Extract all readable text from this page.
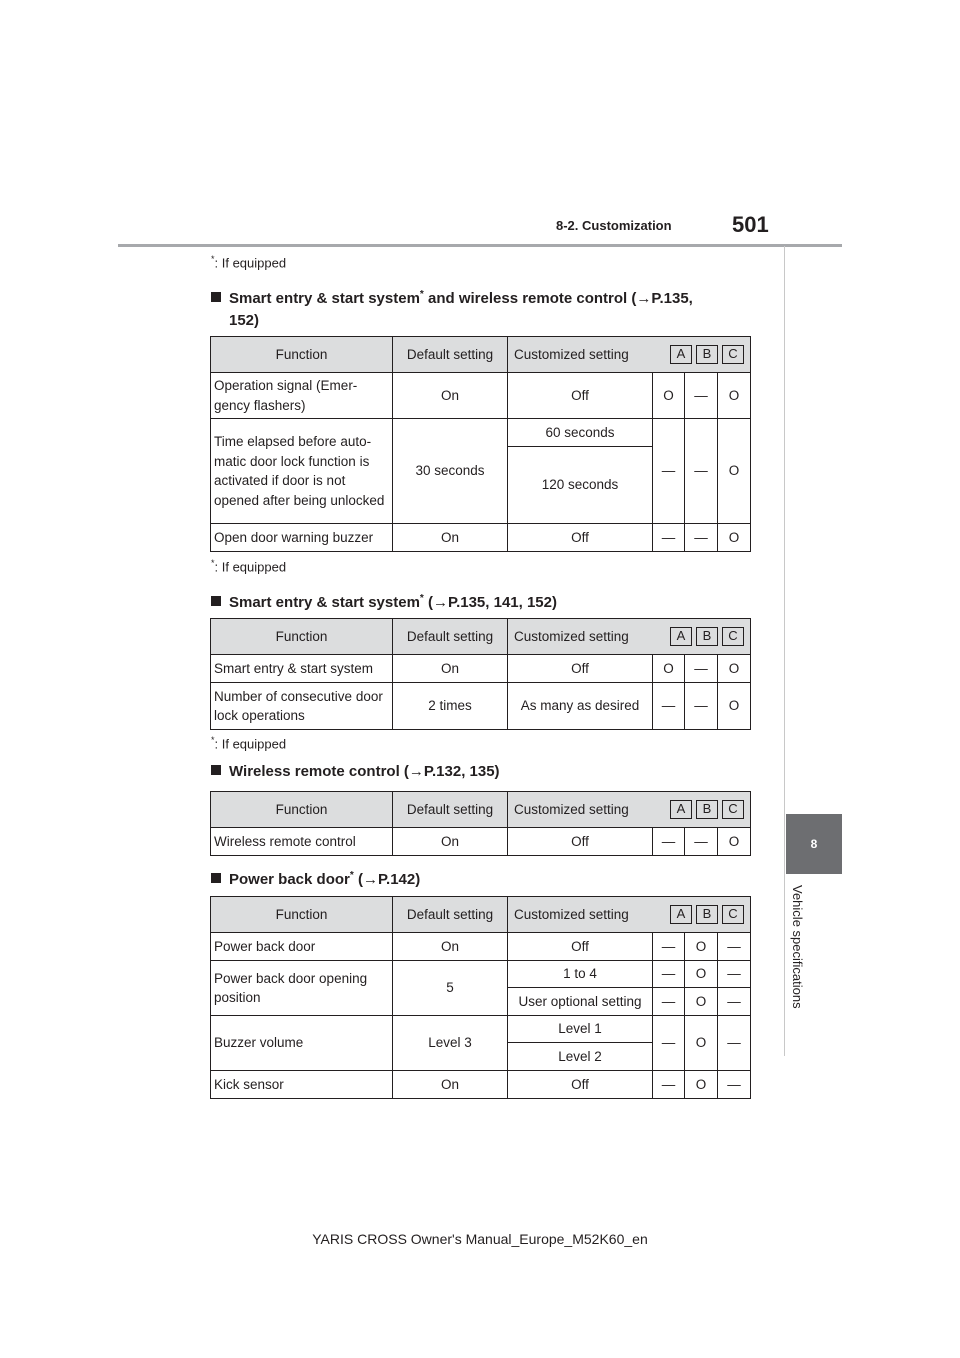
8-2. Customization	501
8
Vehicle specifications
*: If equipped
Smart entry & start system* and wireless remote control (→P.135,
152)
Function	Default setting	Customized setting A B C			

Operation signal (Emer-gency flashers)	On	Off	O	—	O
Time elapsed before auto-matic door lock function is activated if door is not opened after being unlocked	30 seconds	60 seconds	—	—	O
		120 seconds			
Open door warning buzzer	On	Off	—	—	O
*: If equipped
Smart entry & start system* (→P.135, 141, 152)
Function	Default setting	Customized setting A B C			

Smart entry & start system	On	Off	O	—	O
Number of consecutive door lock operations	2 times	As many as desired	—	—	O
*: If equipped
Wireless remote control (→P.132, 135)
Function	Default setting	Customized setting A B C			

Wireless remote control	On	Off	—	—	O
Power back door* (→P.142)
Function	Default setting	Customized setting A B C			

Power back door	On	Off	—	O	—
Power back door opening position	5	1 to 4	—	O	—
		User optional setting	—	O	—
Buzzer volume	Level 3	Level 1	—	O	—
		Level 2			
Kick sensor	On	Off	—	O	—
YARIS CROSS Owner's Manual_Europe_M52K60_en
